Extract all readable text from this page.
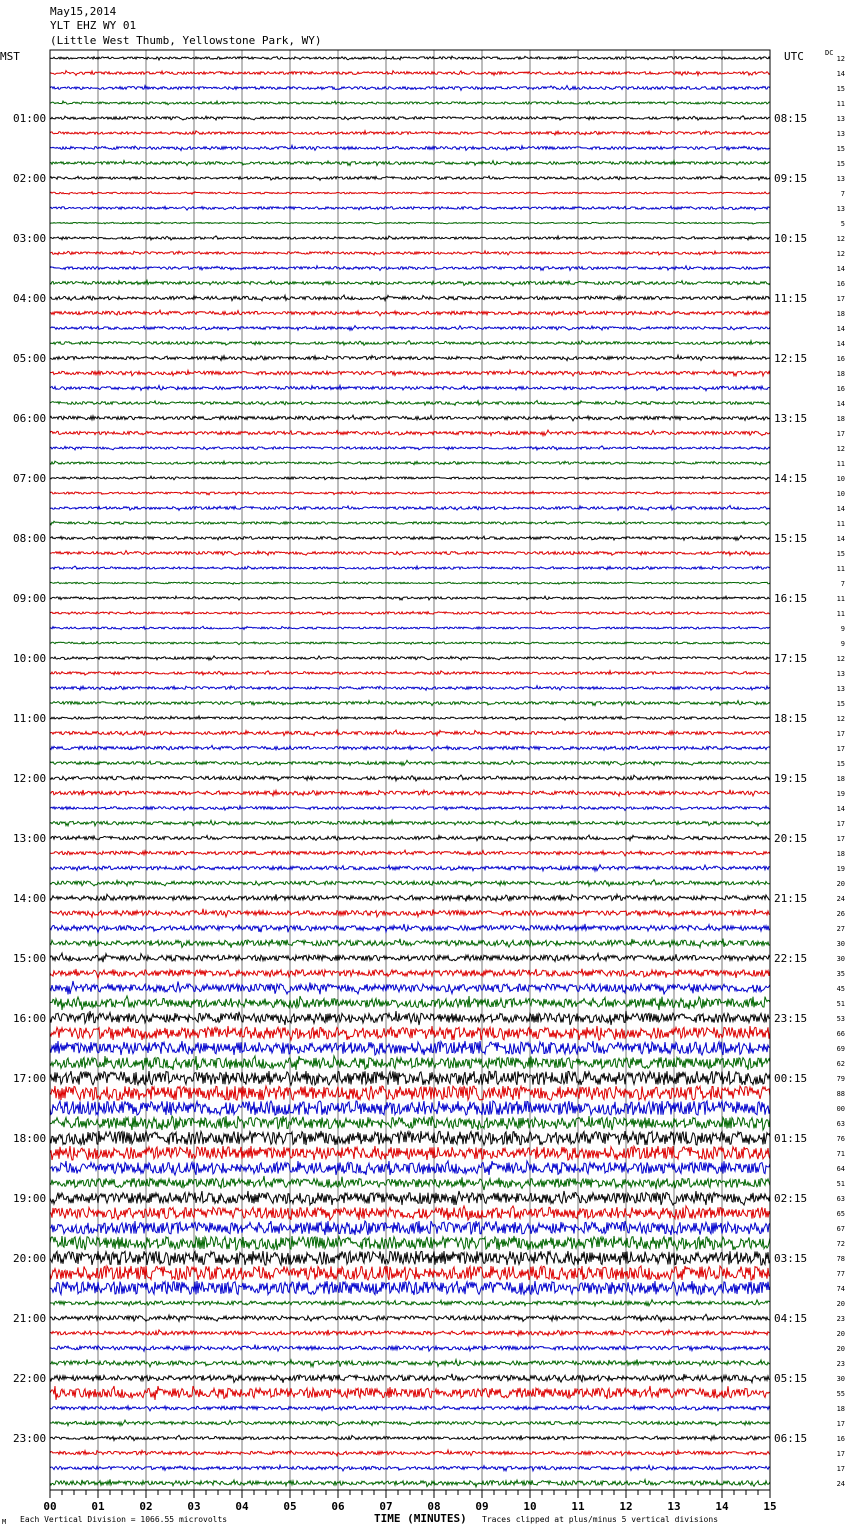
May15,2014
YLT EHZ WY 01
(Little West Thumb, Yellowstone Park, WY)
MST	UTC	DC
01:00
02:00
03:00
04:00
05:00
06:00
07:00
08:00
09:00
10:00
11:00
12:00
13:00
14:00
15:00
16:00
17:00
18:00
19:00
20:00
21:00
22:00
23:00
08:15
09:15
10:15
11:15
12:15
13:15
14:15
15:15
16:15
17:15
18:15
19:15
20:15
21:15
22:15
23:15
00:15
01:15
02:15
03:15
04:15
05:15
06:15
12
14
15
11
13
13
15
15
13
7
13
5
12
12
14
16
17
18
14
14
16
18
16
14
18
17
12
11
10
10
14
11
14
15
11
7
11
11
9
9
12
13
13
15
12
17
17
15
18
19
14
17
17
18
19
20
24
26
27
30
30
35
45
51
53
66
69
62
79
88
00
63
76
71
64
51
63
65
67
72
78
77
74
20
23
20
20
23
30
55
18
17
16
17
17
24
00	01	02	03	04	05	06	07	08	09	10	11	12	13	14	15
M Each Vertical Division = 1066.55 microvolts	TIME (MINUTES) Traces clipped at plus/minus 5 vertical divisions
